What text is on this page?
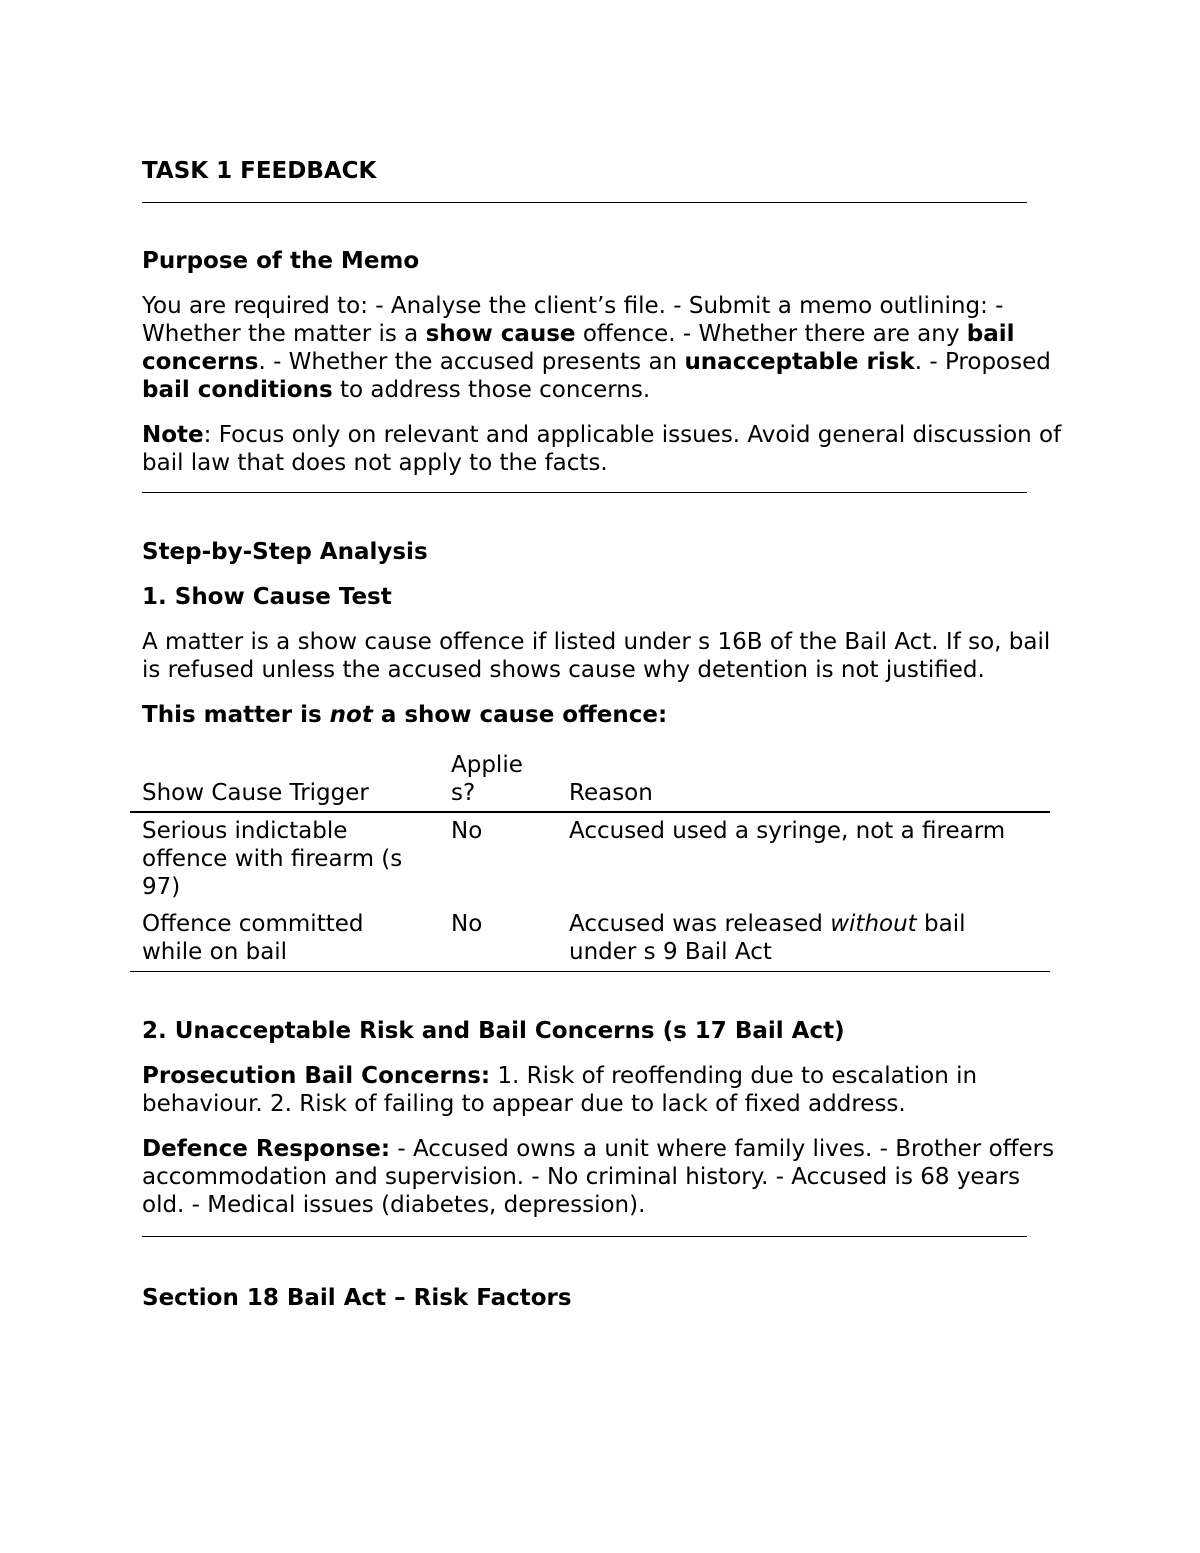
TASK 1 FEEDBACK
Purpose of the Memo

You are required to: - Analyse the client’s file. - Submit a memo outlining: - Whether the matter is a show cause offence. - Whether there are any bail concerns. - Whether the accused presents an unacceptable risk. - Proposed bail conditions to address those concerns.

Note: Focus only on relevant and applicable issues. Avoid general discussion of bail law that does not apply to the facts.

Step-by-Step Analysis
1. Show Cause Test

A matter is a show cause offence if listed under s 16B of the Bail Act. If so, bail is refused unless the accused shows cause why detention is not justified.

This matter is not a show cause offence:

Show Cause Trigger	Applies?	Reason
Serious indictable offence with firearm (s 97)	No	Accused used a syringe, not a firearm
Offence committed while on bail	No	Accused was released without bail under s 9 Bail Act
2. Unacceptable Risk and Bail Concerns (s 17 Bail Act)

Prosecution Bail Concerns: 1. Risk of reoffending due to escalation in behaviour. 2. Risk of failing to appear due to lack of fixed address.

Defence Response: - Accused owns a unit where family lives. - Brother offers accommodation and supervision. - No criminal history. - Accused is 68 years old. - Medical issues (diabetes, depression).

Section 18 Bail Act – Risk Factors
